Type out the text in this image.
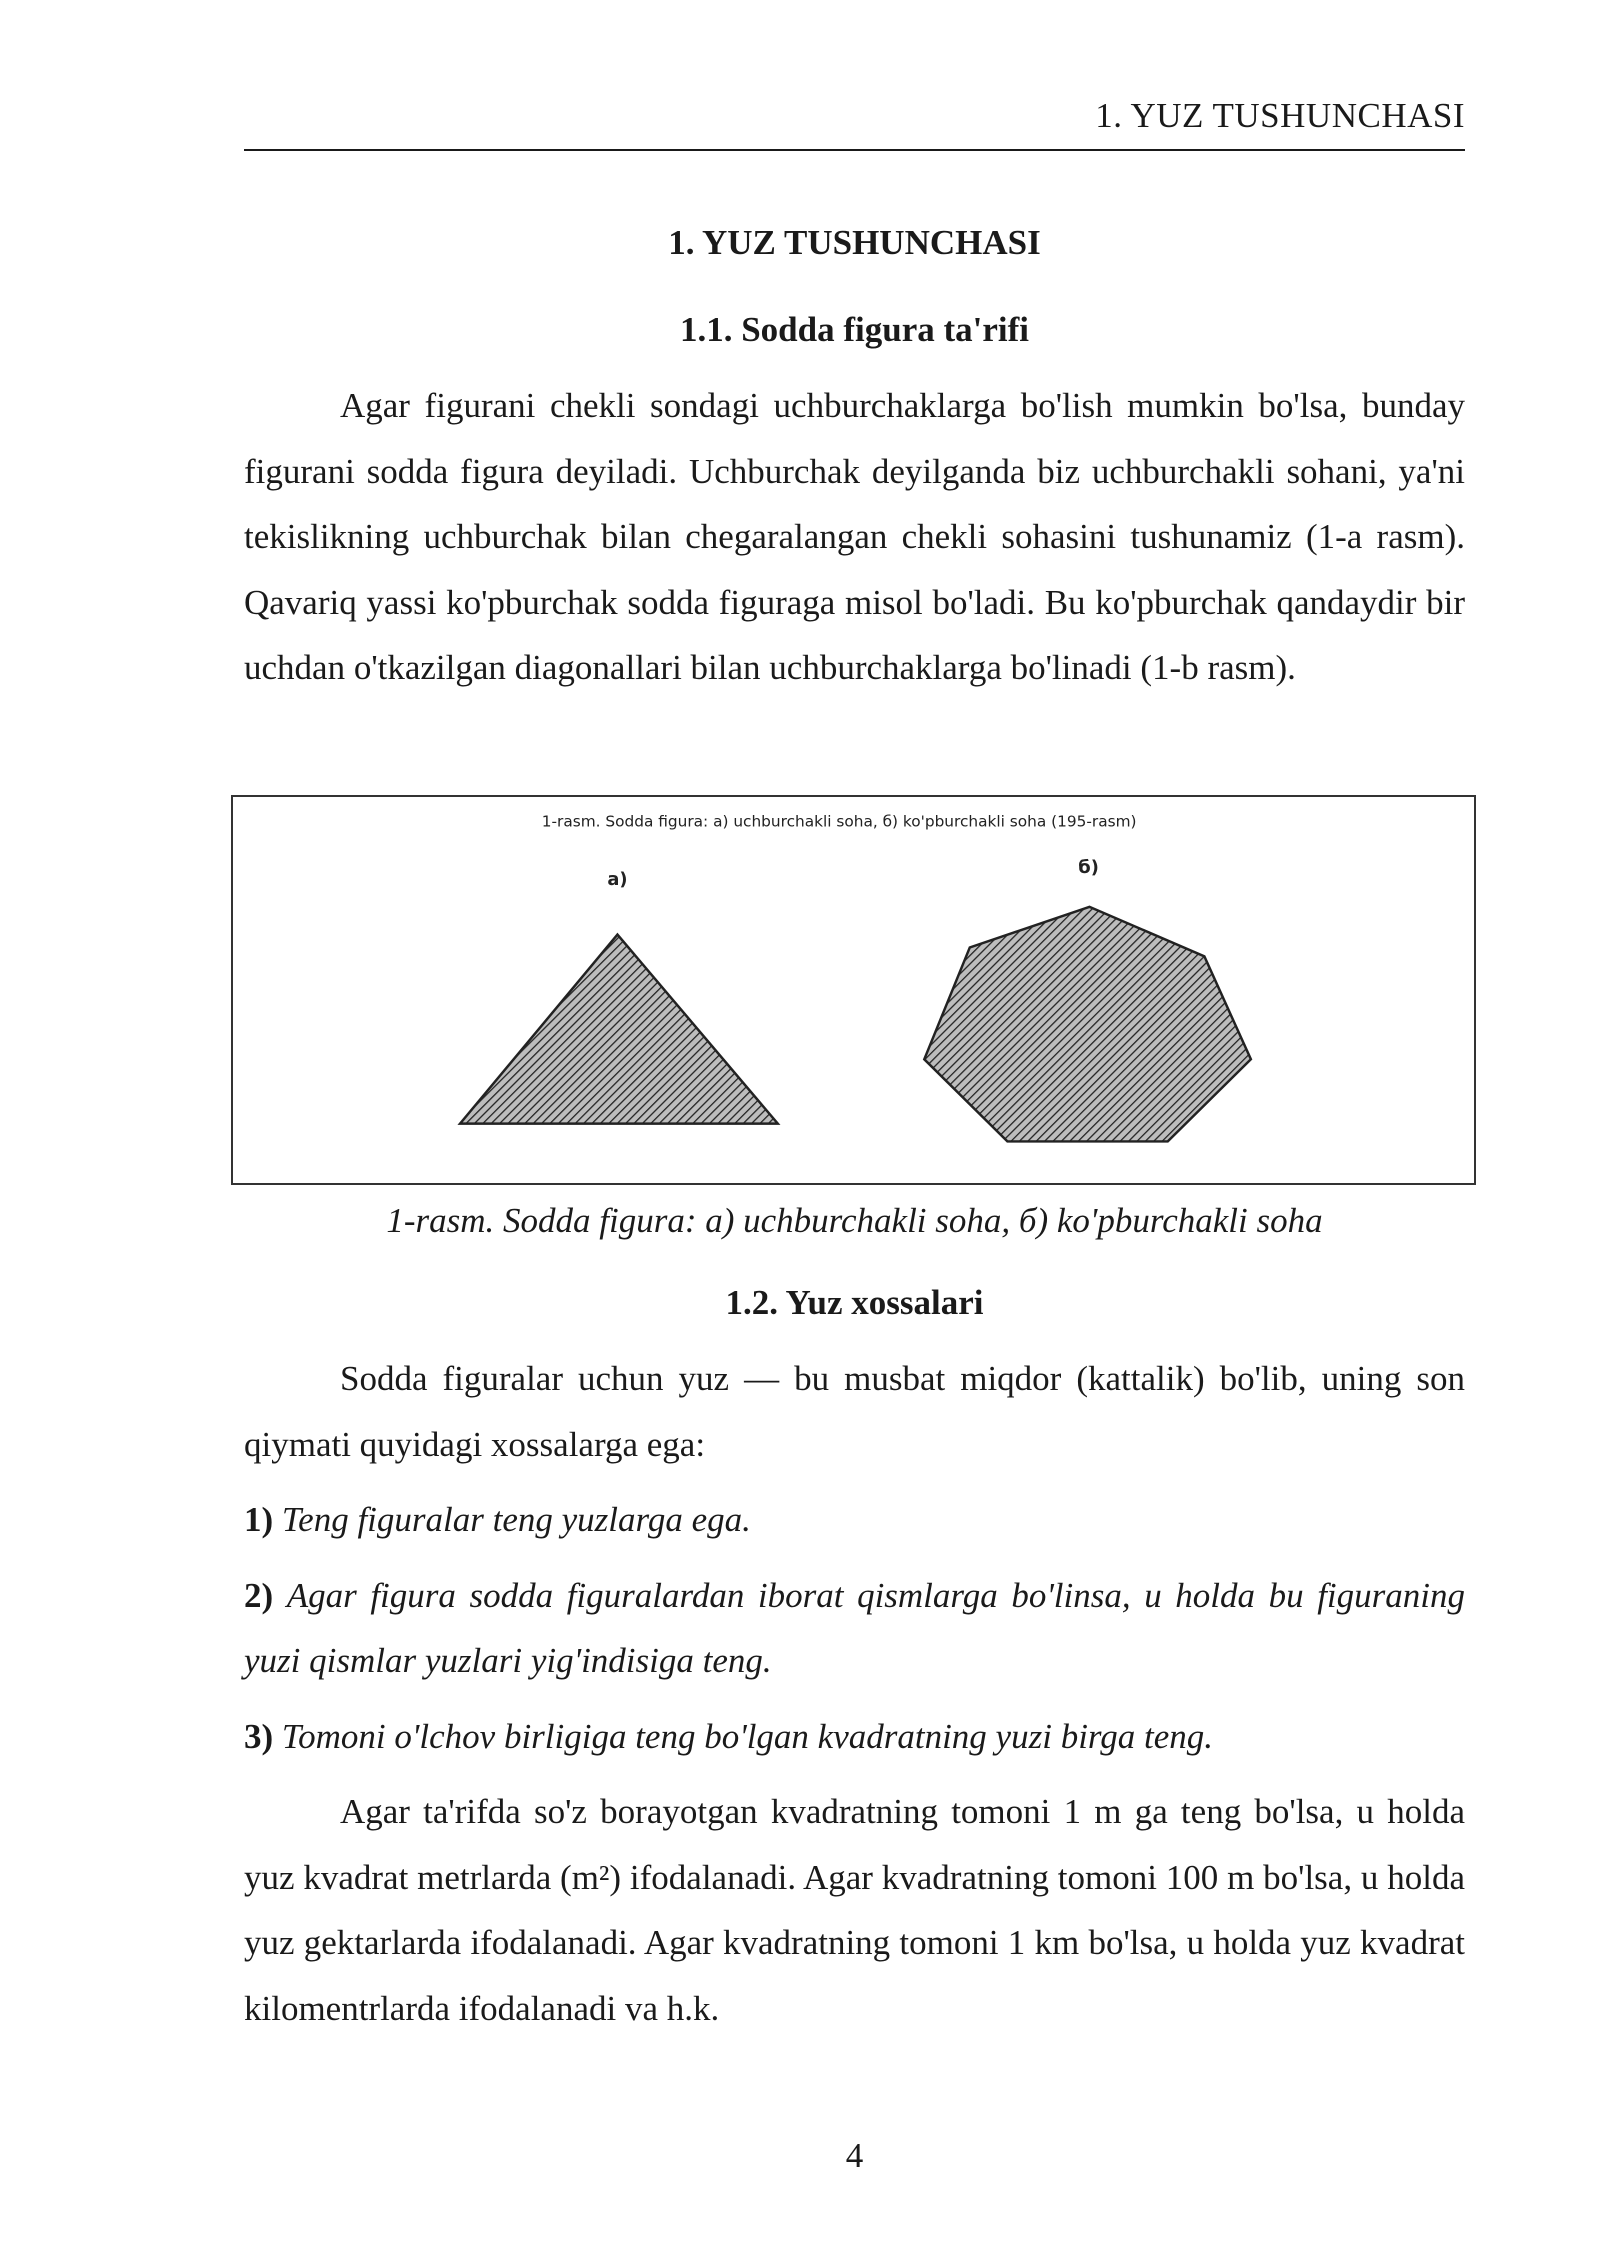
1. YUZ TUSHUNCHASI
1. YUZ TUSHUNCHASI
1.1. Sodda figura ta'rifi

Agar figurani chekli sondagi uchburchaklarga bo'lish mumkin bo'lsa, bunday figurani sodda figura deyiladi. Uchburchak deyilganda biz uchburchakli sohani, ya'ni tekislikning uchburchak bilan chegaralangan chekli sohasini tushunamiz (1-a rasm). Qavariq yassi ko'pburchak sodda figuraga misol bo'ladi. Bu ko'pburchak qandaydir bir uchdan o'tkazilgan diagonallari bilan uchburchaklarga bo'linadi (1-b rasm).

1-rasm. Sodda figura: a) uchburchakli soha, б) ko'pburchakli soha (195-rasm)
a)
б)
1-rasm. Sodda figura: a) uchburchakli soha, б) ko'pburchakli soha
1.2. Yuz xossalari

Sodda figuralar uchun yuz — bu musbat miqdor (kattalik) bo'lib, uning son qiymati quyidagi xossalarga ega:

1) Teng figuralar teng yuzlarga ega.

2) Agar figura sodda figuralardan iborat qismlarga bo'linsa, u holda bu figuraning yuzi qismlar yuzlari yig'indisiga teng.

3) Tomoni o'lchov birligiga teng bo'lgan kvadratning yuzi birga teng.

Agar ta'rifda so'z borayotgan kvadratning tomoni 1 m ga teng bo'lsa, u holda yuz kvadrat metrlarda (m²) ifodalanadi. Agar kvadratning tomoni 100 m bo'lsa, u holda yuz gektarlarda ifodalanadi. Agar kvadratning tomoni 1 km bo'lsa, u holda yuz kvadrat kilomentrlarda ifodalanadi va h.k.

4
